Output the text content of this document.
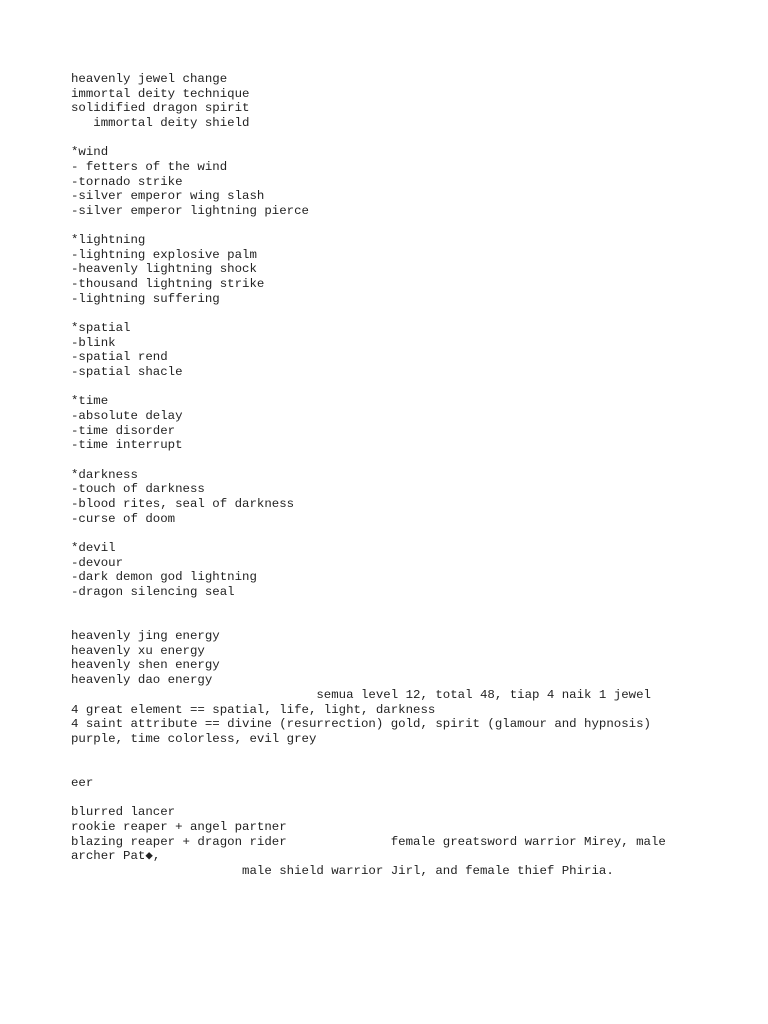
heavenly jewel change
immortal deity technique
solidified dragon spirit
immortal deity shield
*wind
- fetters of the wind
-tornado strike
-silver emperor wing slash
-silver emperor lightning pierce
*lightning
-lightning explosive palm
-heavenly lightning shock
-thousand lightning strike
-lightning suffering
*spatial
-blink
-spatial rend
-spatial shacle
*time
-absolute delay
-time disorder
-time interrupt
*darkness
-touch of darkness
-blood rites, seal of darkness
-curse of doom
*devil
-devour
-dark demon god lightning
-dragon silencing seal
heavenly jing energy
heavenly xu energy
heavenly shen energy
heavenly dao energy
semua level 12, total 48, tiap 4 naik 1 jewel
4 great element == spatial, life, light, darkness
4 saint attribute == divine (resurrection) gold, spirit (glamour and hypnosis)
purple, time colorless, evil grey
eer
blurred lancer
rookie reaper + angel partner
blazing reaper + dragon rider              female greatsword warrior Mirey, male
archer Pat◆,
male shield warrior Jirl, and female thief Phiria.
